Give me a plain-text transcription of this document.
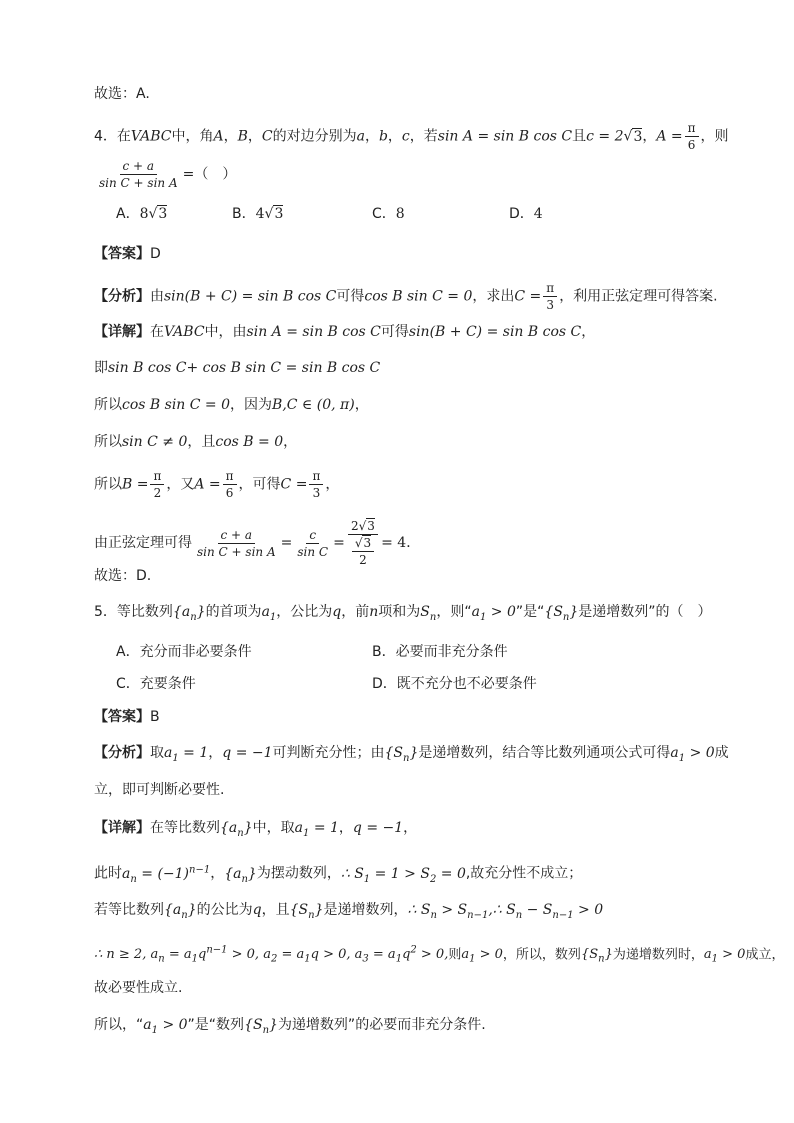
故选：A.
4．在VABC中，角A，B，C的对边分别为a，b，c，若sin A = sin B cos C且c = 2√3，$A = \frac{\pi}{6}$ ，则
$\frac{c + a}{\text{sin C + sin A}}$ =（　）
A．8√3	B．4√3	C．8	D．4
【答案】D
【分析】由sin(B + C) = sin B cos C可得cos B sin C = 0，求出$C = \frac{\pi}{3}$ ，利用正弦定理可得答案.
【详解】在VABC中，由sin A = sin B cos C可得sin(B + C) = sin B cos C，
即sin B cos C+ cos B sin C = sin B cos C
所以cos B sin C = 0，因为B,C ∈ (0, π)，
所以sin C ≠ 0，且cos B = 0，
所以$B = \frac{\pi}{2}$ ，又$A = \frac{\pi}{6}$ ，可得$C = \frac{\pi}{3}$ ，
由正弦定理可得 $\frac{c + a}{\text{sin C + sin A}} = \frac{c}{\text{sin C}} = \frac{2√3}{\frac{√3}{2}} = 4$．
故选：D.
5．等比数列$\{a_n\}$的首项为$a_1$，公比为q，前n项和为$S_n$，则“$a_1 > 0$”是“$\{S_n\}$是递增数列”的（　）
A．充分而非必要条件	B．必要而非充分条件
C．充要条件	D．既不充分也不必要条件
【答案】B
【分析】取$a_1 = 1$，q = −1可判断充分性；由$\{S_n\}$是递增数列，结合等比数列通项公式可得$a_1 > 0$成
立，即可判断必要性.
【详解】在等比数列$\{a_n\}$中，取$a_1 = 1$，q = −1，
此时$a_n = (-1)^{n-1}$，$\{a_n\}$为摆动数列，∴ $S_1 = 1 > S_2 = 0$,故充分性不成立；
若等比数列$\{a_n\}$的公比为q，且$\{S_n\}$是递增数列，∴ $S_n$ > $S_{n-1},\therefore$ $S_n - S_{n-1} > 0$
∴ n ≥ 2, $a_n = a_1q^{n-1} > 0$, $a_2 = a_1q > 0$, $a_3 = a_1q^2 > 0$,则$a_1 > 0$，所以，数列$\{S_n\}$为递增数列时，$a_1 > 0$成立，
故必要性成立.
所以，“$a_1 > 0$”是“数列$\{S_n\}$为递增数列”的必要而非充分条件.
